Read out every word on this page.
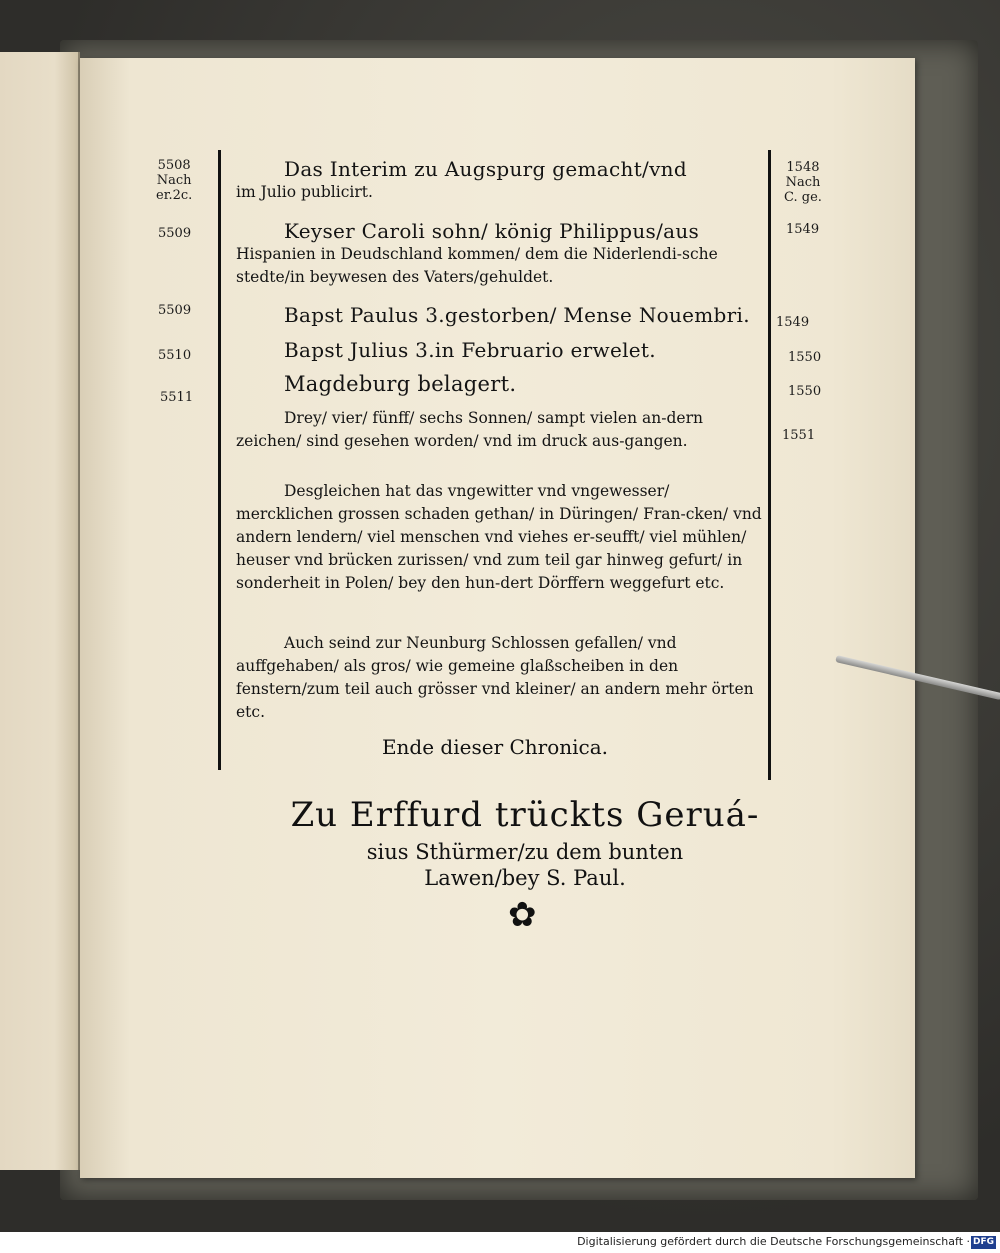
5508
Nach
er.2c.
5509
5509
5510
5511
1548
Nach
C. ge.
1549
1549
1550
1550
1551
Das Interim zu Augspurg gemacht/vnd
im Julio publicirt.
Keyser Caroli sohn/ könig Philippus/aus
Hispanien in Deudschland kommen/ dem die Niderlendi-sche stedte/in beywesen des Vaters/gehuldet.
Bapst Paulus 3.gestorben/ Mense Nouembri.
Bapst Julius 3.in Februario erwelet.
Magdeburg belagert.
Drey/ vier/ fünff/ sechs Sonnen/ sampt vielen an-dern zeichen/ sind gesehen worden/ vnd im druck aus-gangen.
Desgleichen hat das vngewitter vnd vngewesser/ mercklichen grossen schaden gethan/ in Düringen/ Fran-cken/ vnd andern lendern/ viel menschen vnd viehes er-seufft/ viel mühlen/ heuser vnd brücken zurissen/ vnd zum teil gar hinweg gefurt/ in sonderheit in Polen/ bey den hun-dert Dörffern weggefurt etc.
Auch seind zur Neunburg Schlossen gefallen/ vnd auffgehaben/ als gros/ wie gemeine glaßscheiben in den fenstern/zum teil auch grösser vnd kleiner/ an andern mehr örten etc.
Ende dieser Chronica.
Zu Erffurd trückts Geruá-
sius Sthürmer/zu dem bunten
Lawen/bey S. Paul.
✿
Digitalisierung gefördert durch die Deutsche Forschungsgemeinschaft · DFG
